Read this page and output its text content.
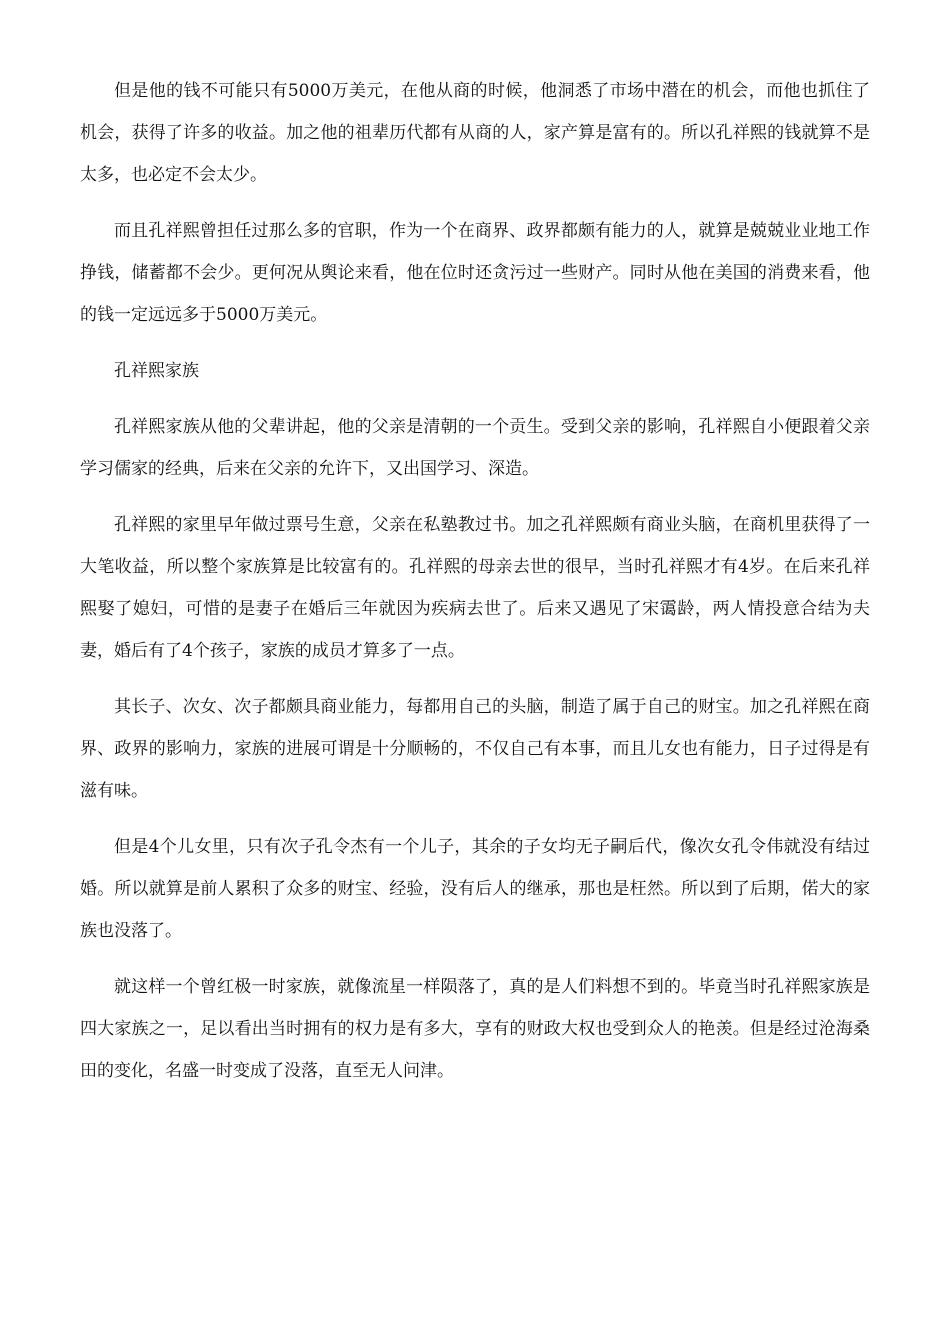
但是他的钱不可能只有5000万美元，在他从商的时候，他洞悉了市场中潜在的机会，而他也抓住了机会，获得了许多的收益。加之他的祖辈历代都有从商的人，家产算是富有的。所以孔祥熙的钱就算不是太多，也必定不会太少。

而且孔祥熙曾担任过那么多的官职，作为一个在商界、政界都颇有能力的人，就算是兢兢业业地工作挣钱，储蓄都不会少。更何况从舆论来看，他在位时还贪污过一些财产。同时从他在美国的消费来看，他的钱一定远远多于5000万美元。

孔祥熙家族

孔祥熙家族从他的父辈讲起，他的父亲是清朝的一个贡生。受到父亲的影响，孔祥熙自小便跟着父亲学习儒家的经典，后来在父亲的允许下，又出国学习、深造。

孔祥熙的家里早年做过票号生意，父亲在私塾教过书。加之孔祥熙颇有商业头脑，在商机里获得了一大笔收益，所以整个家族算是比较富有的。孔祥熙的母亲去世的很早，当时孔祥熙才有4岁。在后来孔祥熙娶了媳妇，可惜的是妻子在婚后三年就因为疾病去世了。后来又遇见了宋霭龄，两人情投意合结为夫妻，婚后有了4个孩子，家族的成员才算多了一点。

其长子、次女、次子都颇具商业能力，每都用自己的头脑，制造了属于自己的财宝。加之孔祥熙在商界、政界的影响力，家族的进展可谓是十分顺畅的，不仅自己有本事，而且儿女也有能力，日子过得是有滋有味。

但是4个儿女里，只有次子孔令杰有一个儿子，其余的子女均无子嗣后代，像次女孔令伟就没有结过婚。所以就算是前人累积了众多的财宝、经验，没有后人的继承，那也是枉然。所以到了后期，偌大的家族也没落了。

就这样一个曾红极一时家族，就像流星一样陨落了，真的是人们料想不到的。毕竟当时孔祥熙家族是四大家族之一，足以看出当时拥有的权力是有多大，享有的财政大权也受到众人的艳羡。但是经过沧海桑田的变化，名盛一时变成了没落，直至无人问津。
